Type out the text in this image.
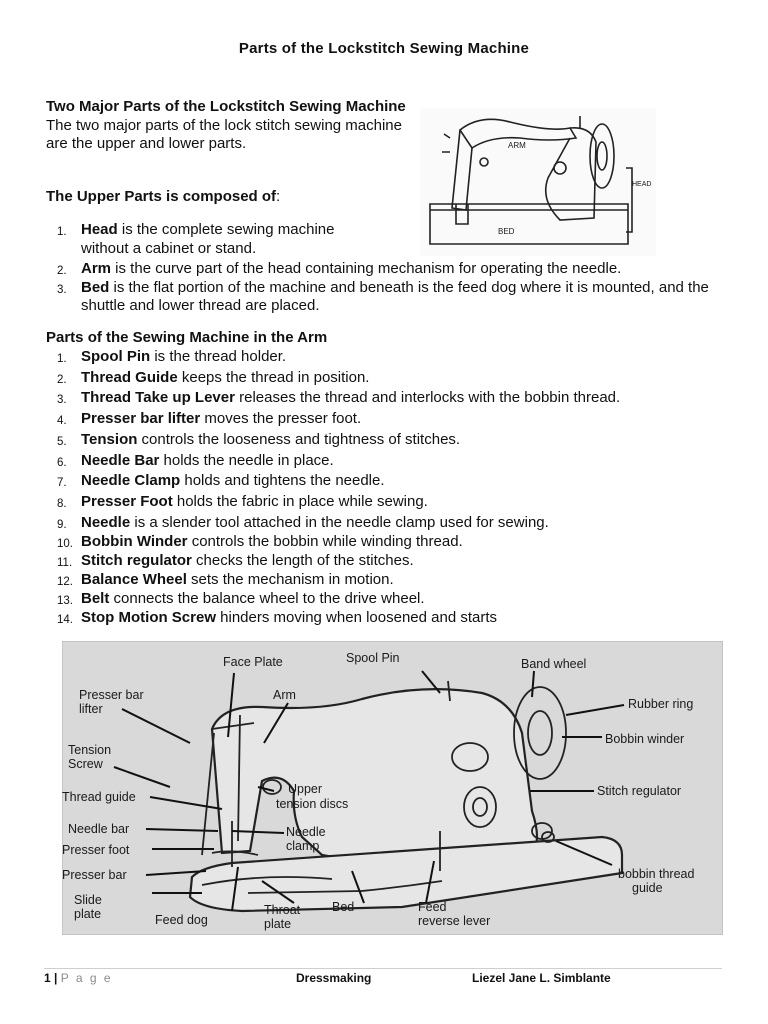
Parts of the Lockstitch Sewing Machine
Two Major Parts of the Lockstitch Sewing Machine
The two major parts of the lock stitch sewing machine are the upper and lower parts.
The Upper Parts is composed of:
1. Head is the complete sewing machine without a cabinet or stand.
2. Arm is the curve part of the head containing mechanism for operating the needle.
3. Bed is the flat portion of the machine and beneath is the feed dog where it is mounted, and the shuttle and lower thread are placed.
Parts of the Sewing Machine in the Arm
1. Spool Pin is the thread holder.
2. Thread Guide keeps the thread in position.
3. Thread Take up Lever releases the thread and interlocks with the bobbin thread.
4. Presser bar lifter moves the presser foot.
5. Tension controls the looseness and tightness of stitches.
6. Needle Bar holds the needle in place.
7. Needle Clamp holds and tightens the needle.
8. Presser Foot holds the fabric in place while sewing.
9. Needle is a slender tool attached in the needle clamp used for sewing.
10. Bobbin Winder controls the bobbin while winding thread.
11. Stitch regulator checks the length of the stitches.
12. Balance Wheel sets the mechanism in motion.
13. Belt connects the balance wheel to the drive wheel.
14. Stop Motion Screw hinders moving when loosened and starts
ARM
BED
HEAD
Face Plate	Spool Pin	Band wheel
Presser bar
lifter
Arm
Rubber ring
Tension
Screw
Bobbin winder
Upper
tension discs
Thread guide	Stitch regulator
Needle bar	Needle
clamp
Presser foot
Presser bar	bobbin thread
guide
Slide
plate	Feed dog
Throat
plate
Bed	Feed
reverse lever
1 | P a g e	Dressmaking	Liezel Jane L. Simblante
